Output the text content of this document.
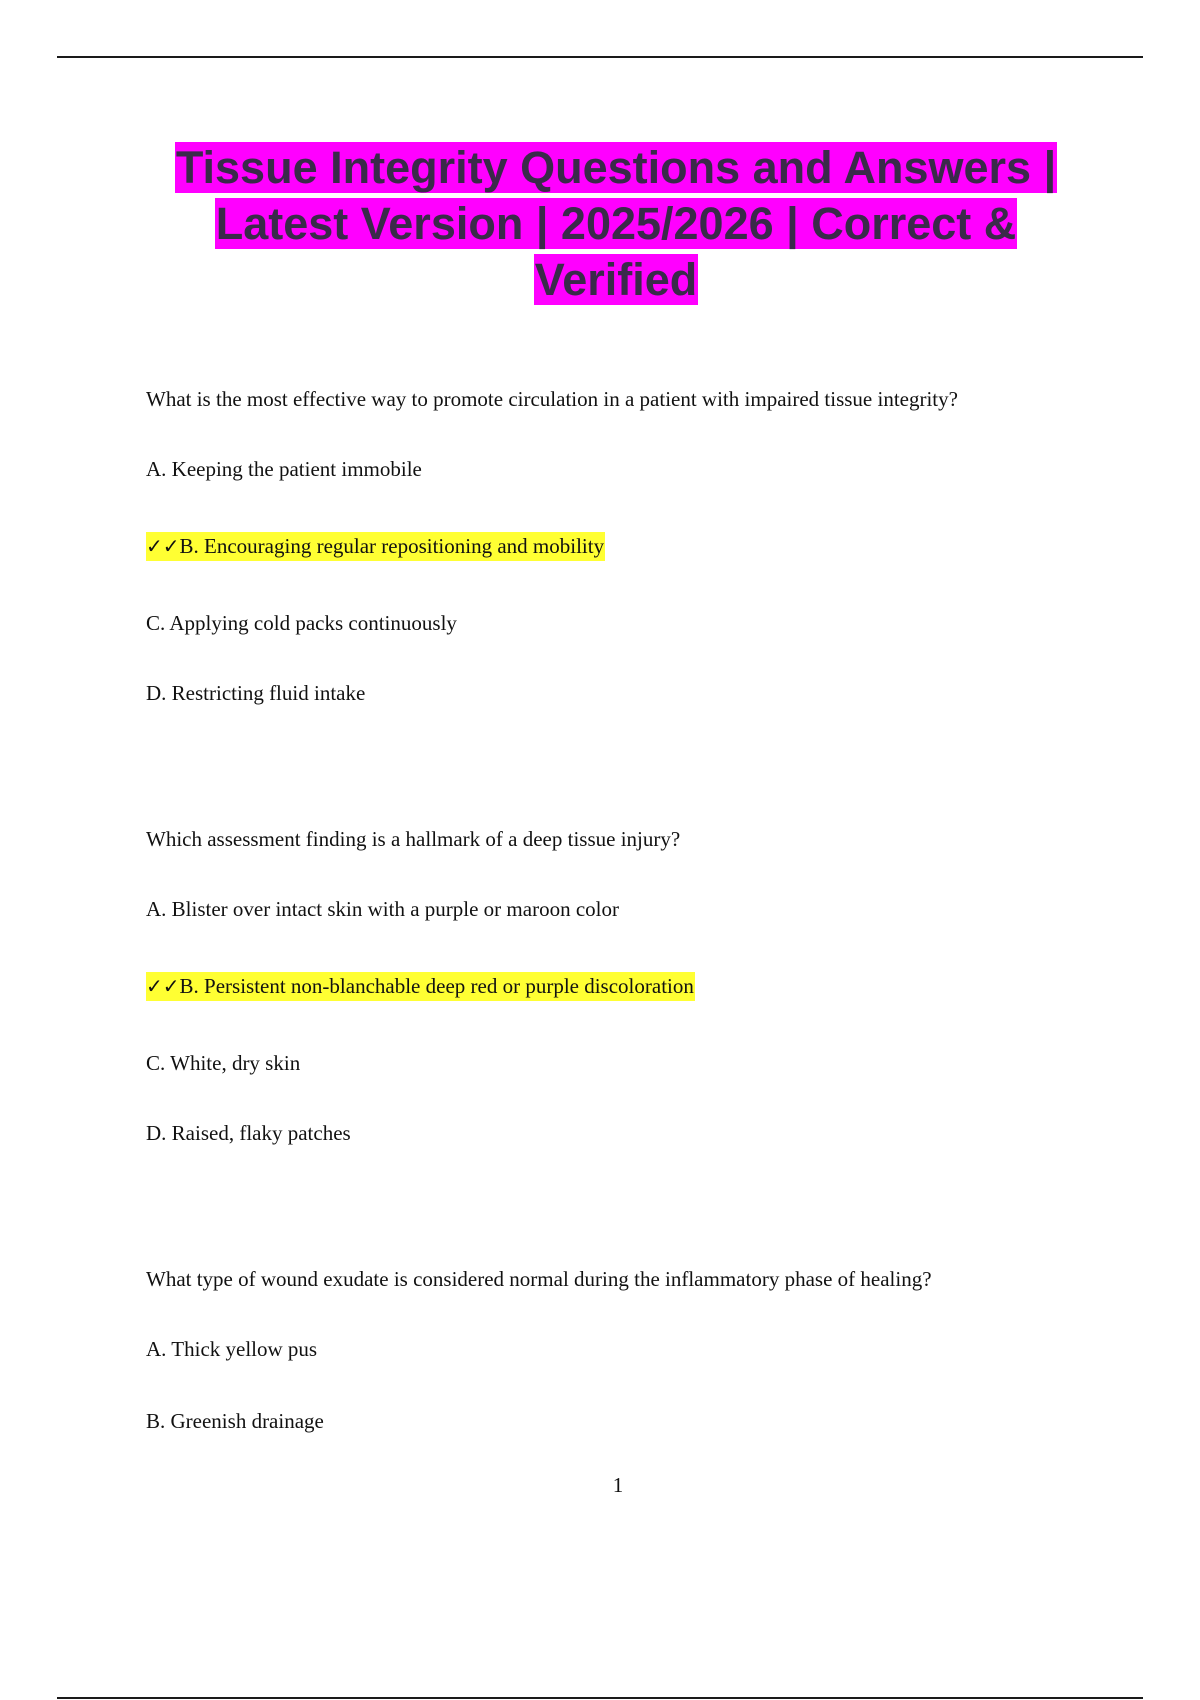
Tissue Integrity Questions and Answers | Latest Version | 2025/2026 | Correct & Verified

What is the most effective way to promote circulation in a patient with impaired tissue integrity?

A. Keeping the patient immobile

✓✓B. Encouraging regular repositioning and mobility

C. Applying cold packs continuously

D. Restricting fluid intake

Which assessment finding is a hallmark of a deep tissue injury?

A. Blister over intact skin with a purple or maroon color

✓✓B. Persistent non-blanchable deep red or purple discoloration

C. White, dry skin

D. Raised, flaky patches

What type of wound exudate is considered normal during the inflammatory phase of healing?

A. Thick yellow pus

B. Greenish drainage

1
